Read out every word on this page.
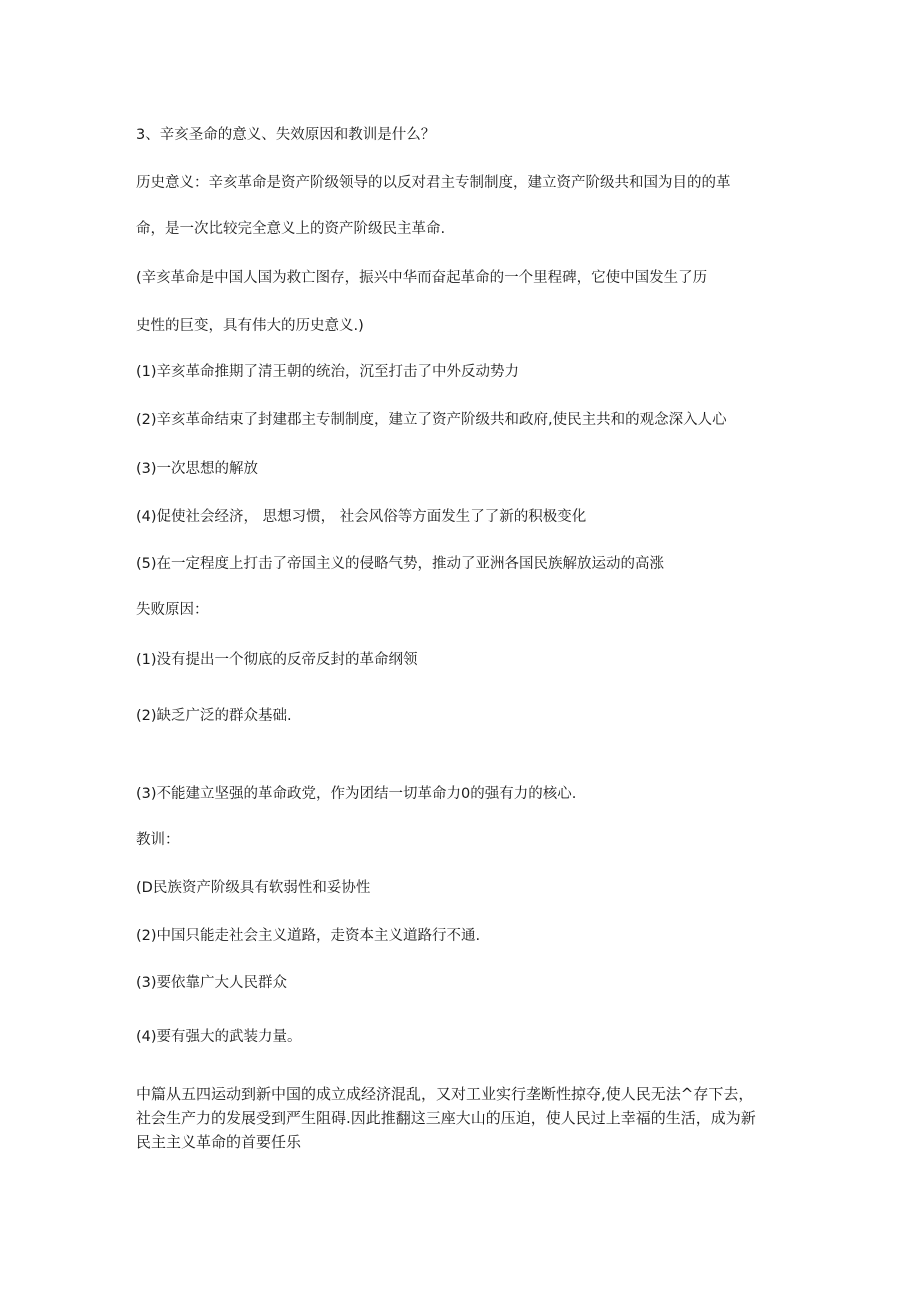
3、辛亥圣命的意义、失效原因和教训是什么？

历史意义：辛亥革命是资产阶级领导的以反对君主专制制度，建立资产阶级共和国为目的的革

命，是一次比较完全意义上的资产阶级民主革命.

(辛亥革命是中国人国为救亡图存，振兴中华而奋起革命的一个里程碑，它使中国发生了历

史性的巨变，具有伟大的历史意义.)

(1)辛亥革命推期了清王朝的统治，沉至打击了中外反动势力

(2)辛亥革命结束了封建郡主专制制度，建立了资产阶级共和政府,使民主共和的观念深入人心

(3)一次思想的解放

(4)促使社会经济， 思想习惯， 社会风俗等方面发生了了新的积极变化

(5)在一定程度上打击了帝国主义的侵略气势，推动了亚洲各国民族解放运动的高涨

失败原因：

(1)没有提出一个彻底的反帝反封的革命纲领

(2)缺乏广泛的群众基础.

(3)不能建立坚强的革命政党，作为团结一切革命力0的强有力的核心.

教训：

(D民族资产阶级具有软弱性和妥协性

(2)中国只能走社会主义道路，走资本主义道路行不通.

(3)要依靠广大人民群众

(4)要有强大的武装力量。

中篇从五四运动到新中国的成立成经济混乱，又对工业实行垄断性掠夺,使人民无法^存下去，
社会生产力的发展受到严生阻碍.因此推翻这三座大山的压迫，使人民过上幸福的生活，成为新
民主主义革命的首要任乐
